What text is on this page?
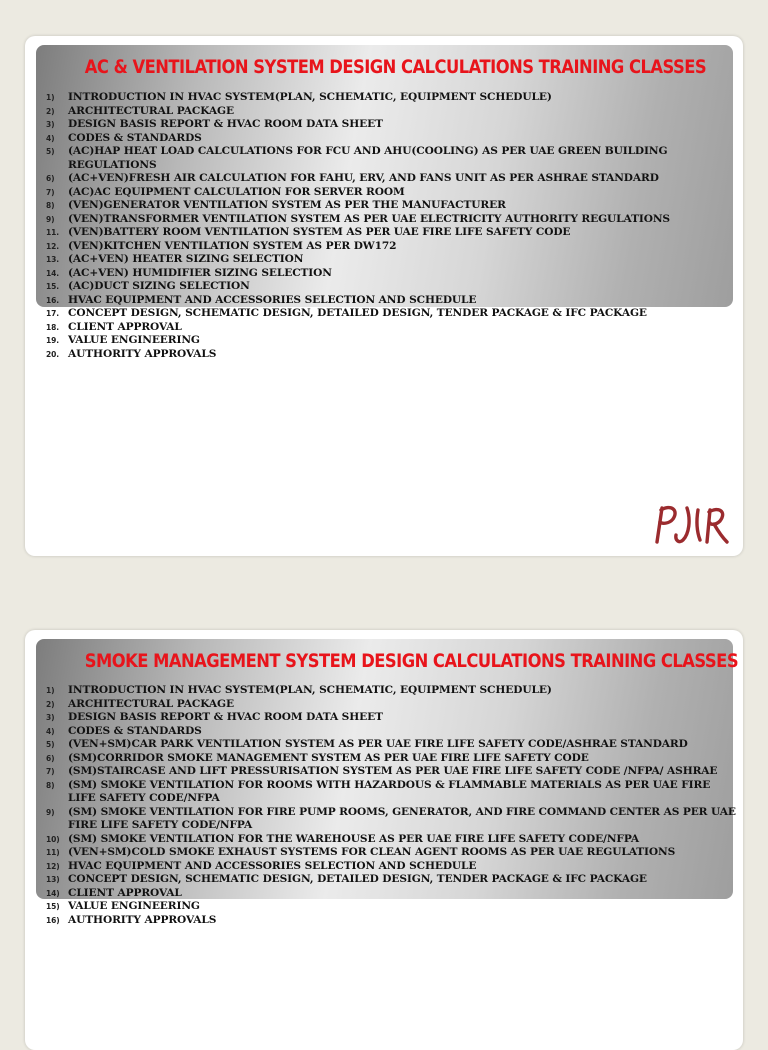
AC & VENTILATION SYSTEM DESIGN CALCULATIONS TRAINING CLASSES
1) INTRODUCTION IN HVAC SYSTEM(PLAN, SCHEMATIC, EQUIPMENT SCHEDULE)
2) ARCHITECTURAL PACKAGE
3) DESIGN BASIS REPORT & HVAC ROOM DATA SHEET
4) CODES & STANDARDS
5) (AC)HAP HEAT LOAD CALCULATIONS FOR FCU AND AHU(COOLING) AS PER UAE GREEN BUILDING REGULATIONS
6) (AC+VEN)FRESH AIR CALCULATION FOR FAHU, ERV, AND FANS UNIT AS PER ASHRAE STANDARD
7) (AC)AC EQUIPMENT CALCULATION FOR SERVER ROOM
8) (VEN)GENERATOR VENTILATION SYSTEM AS PER THE MANUFACTURER
9) (VEN)TRANSFORMER VENTILATION SYSTEM AS PER UAE ELECTRICITY AUTHORITY REGULATIONS
11. (VEN)BATTERY ROOM VENTILATION SYSTEM AS PER UAE FIRE LIFE SAFETY CODE
12. (VEN)KITCHEN VENTILATION SYSTEM AS PER DW172
13. (AC+VEN) HEATER SIZING SELECTION
14. (AC+VEN) HUMIDIFIER SIZING SELECTION
15. (AC)DUCT SIZING SELECTION
16. HVAC EQUIPMENT AND ACCESSORIES SELECTION AND SCHEDULE
17. CONCEPT DESIGN, SCHEMATIC DESIGN, DETAILED DESIGN, TENDER PACKAGE & IFC PACKAGE
18. CLIENT APPROVAL
19. VALUE ENGINEERING
20. AUTHORITY APPROVALS
SMOKE MANAGEMENT SYSTEM DESIGN CALCULATIONS TRAINING CLASSES
1) INTRODUCTION IN HVAC SYSTEM(PLAN, SCHEMATIC, EQUIPMENT SCHEDULE)
2) ARCHITECTURAL PACKAGE
3) DESIGN BASIS REPORT & HVAC ROOM DATA SHEET
4) CODES & STANDARDS
5) (VEN+SM)CAR PARK VENTILATION SYSTEM AS PER UAE FIRE LIFE SAFETY CODE/ASHRAE STANDARD
6) (SM)CORRIDOR SMOKE MANAGEMENT SYSTEM AS PER UAE FIRE LIFE SAFETY CODE
7) (SM)STAIRCASE AND LIFT PRESSURISATION SYSTEM AS PER UAE FIRE LIFE SAFETY CODE /NFPA/ ASHRAE
8) (SM) SMOKE VENTILATION FOR ROOMS WITH HAZARDOUS & FLAMMABLE MATERIALS AS PER UAE FIRE LIFE SAFETY CODE/NFPA
9) (SM) SMOKE VENTILATION FOR FIRE PUMP ROOMS, GENERATOR, AND FIRE COMMAND CENTER AS PER UAE FIRE LIFE SAFETY CODE/NFPA
10) (SM) SMOKE VENTILATION FOR THE WAREHOUSE AS PER UAE FIRE LIFE SAFETY CODE/NFPA
11) (VEN+SM)COLD SMOKE EXHAUST SYSTEMS FOR CLEAN AGENT ROOMS AS PER UAE REGULATIONS
12) HVAC EQUIPMENT AND ACCESSORIES SELECTION AND SCHEDULE
13) CONCEPT DESIGN, SCHEMATIC DESIGN, DETAILED DESIGN, TENDER PACKAGE & IFC PACKAGE
14) CLIENT APPROVAL
15) VALUE ENGINEERING
16) AUTHORITY APPROVALS
